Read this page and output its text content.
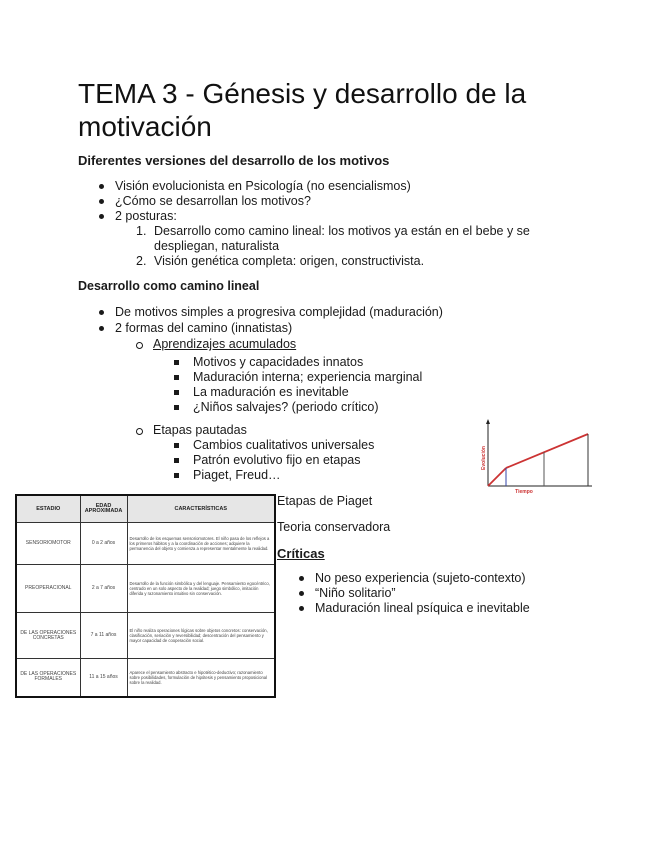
TEMA 3 - Génesis y desarrollo de la motivación
Diferentes versiones del desarrollo de los motivos
Visión evolucionista en Psicología (no esencialismos)
¿Cómo se desarrollan los motivos?
2 posturas:
1. Desarrollo como camino lineal: los motivos ya están en el bebe y se
despliegan, naturalista
2. Visión genética completa: origen, constructivista.
Desarrollo como camino lineal
De motivos simples a progresiva complejidad (maduración)
2 formas del camino (innatistas)
Aprendizajes acumulados
Motivos y capacidades innatos
Maduración interna; experiencia marginal
La maduración es inevitable
¿Niños salvajes? (periodo crítico)
Etapas pautadas
Cambios cualitativos universales
Patrón evolutivo fijo en etapas
Piaget, Freud…
Evolución
Tiempo
Etapas de Piaget
Teoria conservadora
Críticas
No peso experiencia (sujeto-contexto)
“Niño solitario”
Maduración lineal psíquica e inevitable
ESTADIO	EDAD APROXIMADA	CARACTERÍSTICAS
SENSORIOMOTOR	0 a 2 años	Desarrollo de los esquemas sensoriomotores. El niño pasa de los reflejos a los primeros hábitos y a la coordinación de acciones; adquiere la permanencia del objeto y comienza a representar mentalmente la realidad.
PREOPERACIONAL	2 a 7 años	Desarrollo de la función simbólica y del lenguaje. Pensamiento egocéntrico, centrado en un solo aspecto de la realidad; juego simbólico, imitación diferida y razonamiento intuitivo sin conservación.
DE LAS OPERACIONES CONCRETAS	7 a 11 años	El niño realiza operaciones lógicas sobre objetos concretos: conservación, clasificación, seriación y reversibilidad; descentración del pensamiento y mayor capacidad de cooperación social.
DE LAS OPERACIONES FORMALES	11 a 15 años	Aparece el pensamiento abstracto e hipotético-deductivo; razonamiento sobre posibilidades, formulación de hipótesis y pensamiento proposicional sobre la realidad.
